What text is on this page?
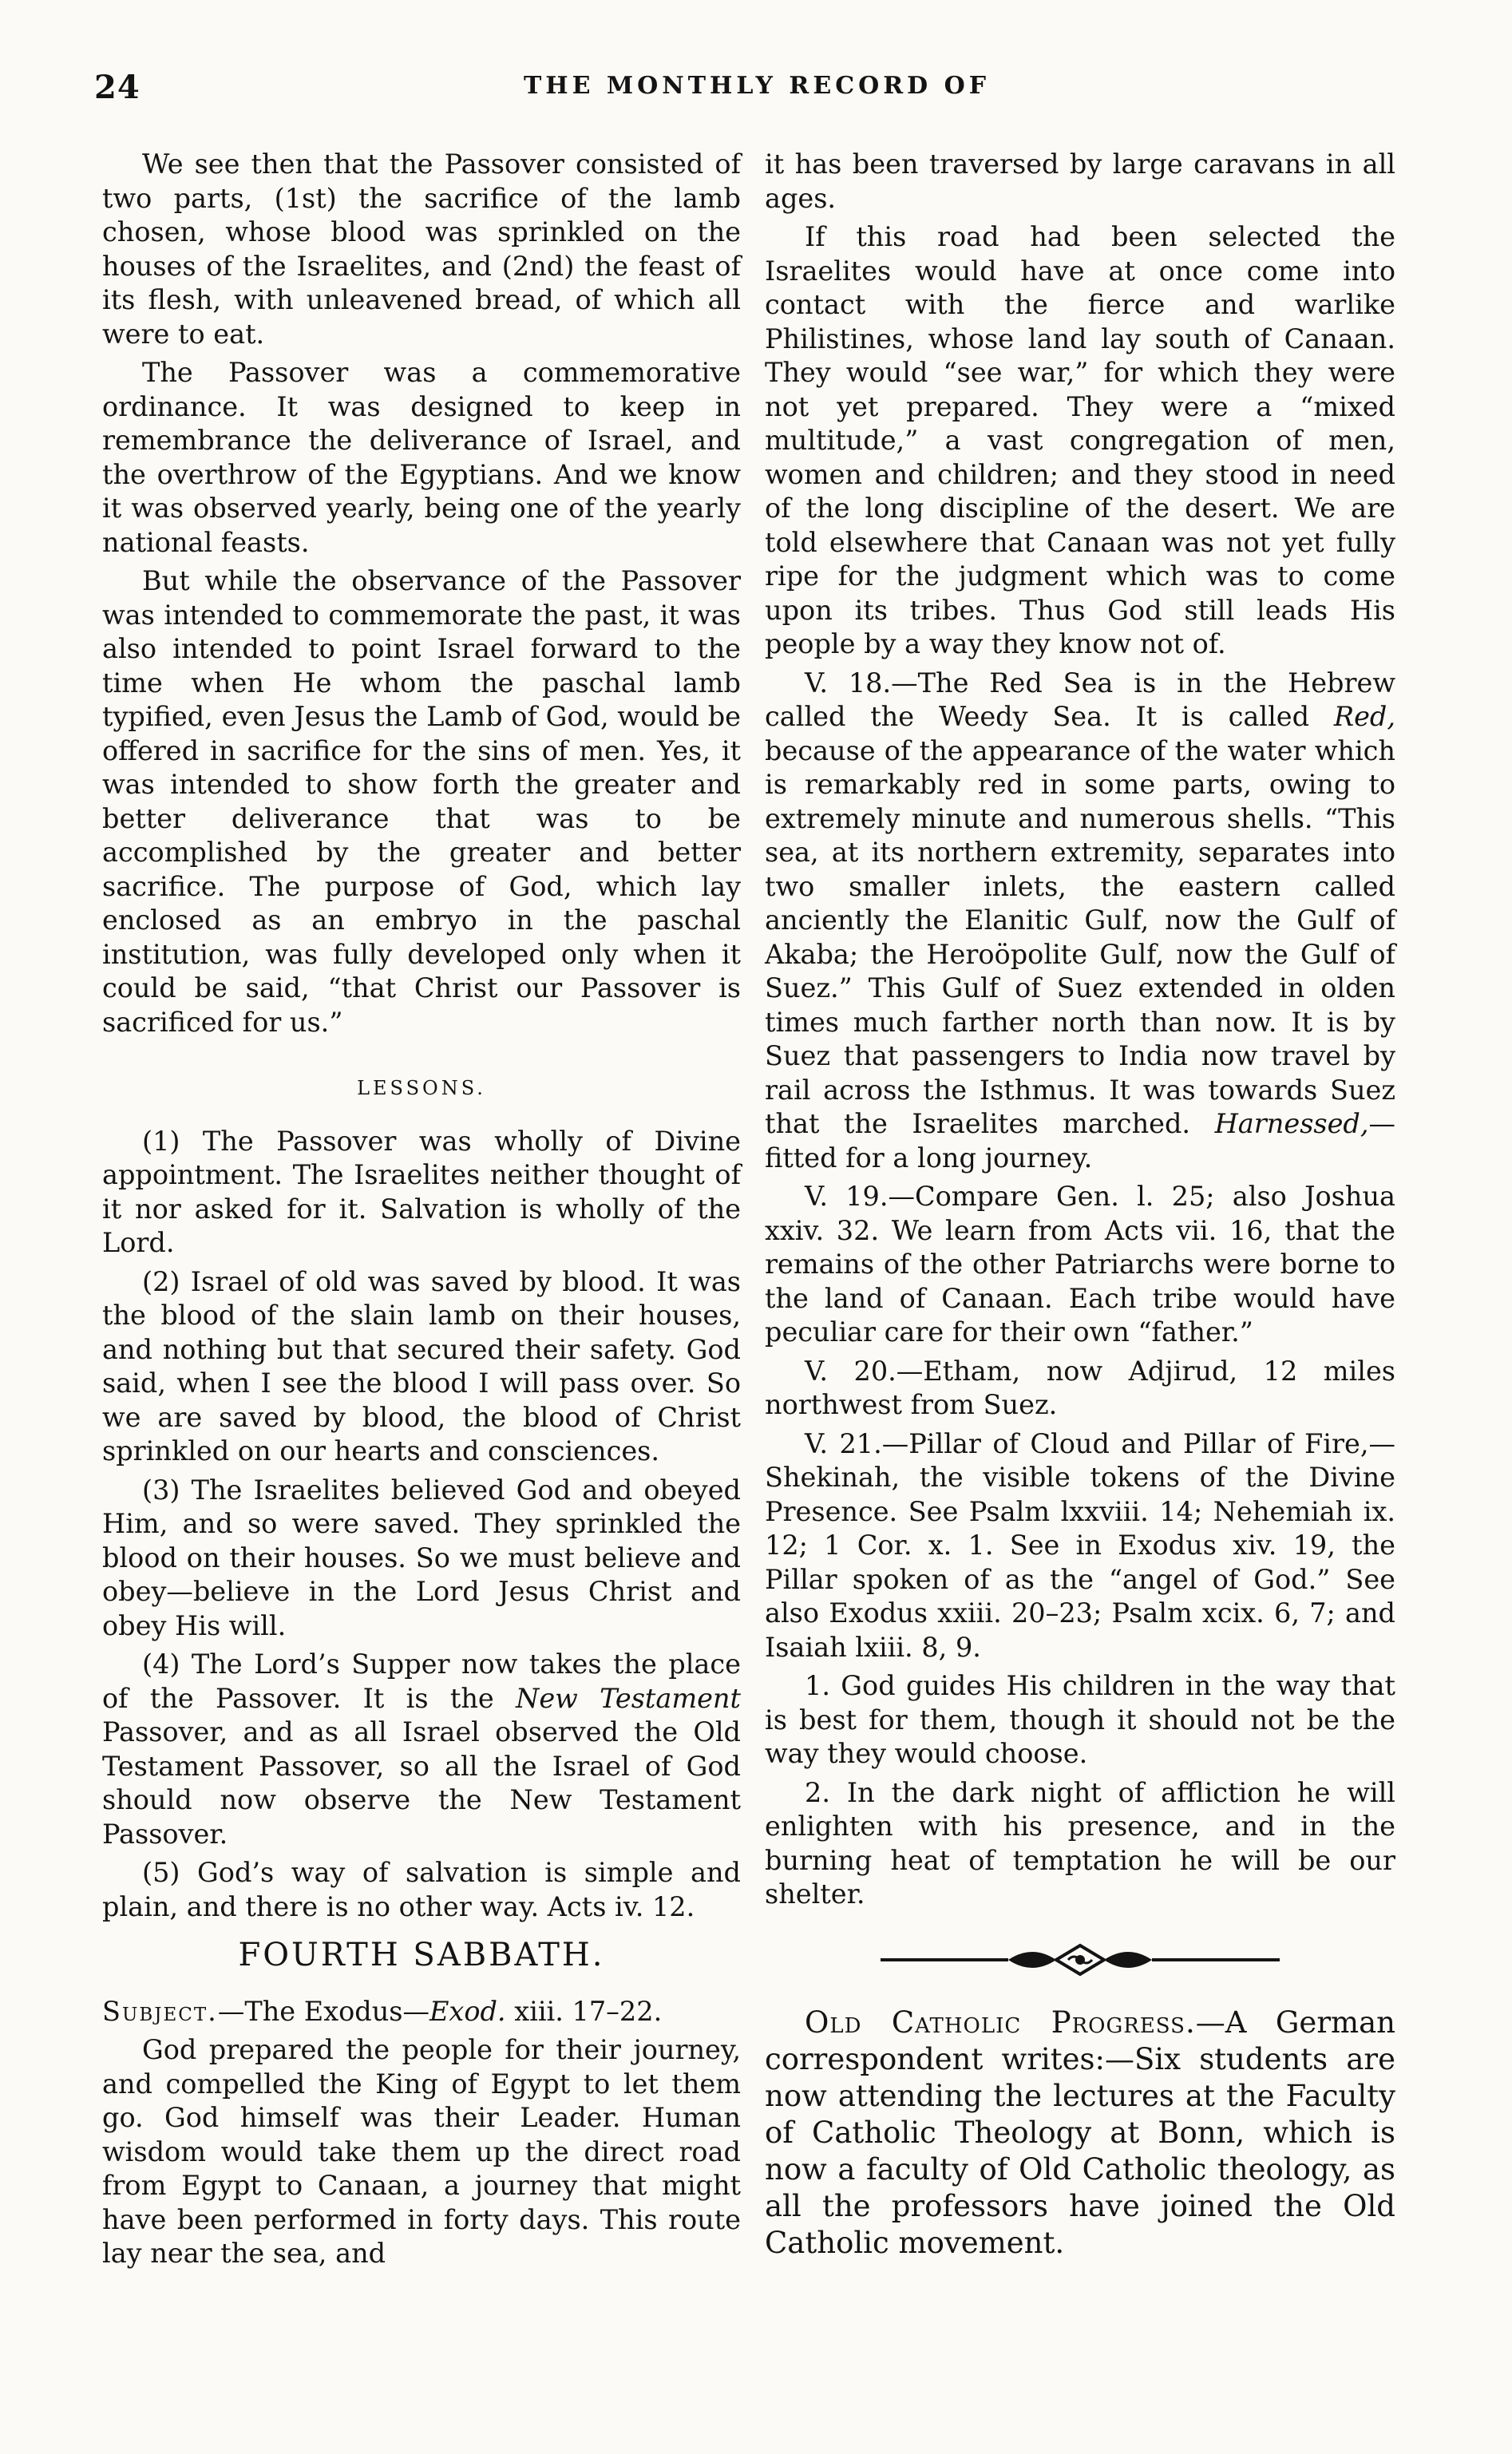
24	THE MONTHLY RECORD OF

We see then that the Passover consisted of two parts, (1st) the sacrifice of the lamb chosen, whose blood was sprinkled on the houses of the Israelites, and (2nd) the feast of its flesh, with unleavened bread, of which all were to eat.

The Passover was a commemorative ordinance. It was designed to keep in remembrance the deliverance of Israel, and the overthrow of the Egyptians. And we know it was observed yearly, being one of the yearly national feasts.

But while the observance of the Passover was intended to commemorate the past, it was also intended to point Israel forward to the time when He whom the paschal lamb typified, even Jesus the Lamb of God, would be offered in sacrifice for the sins of men. Yes, it was intended to show forth the greater and better deliverance that was to be accomplished by the greater and better sacrifice. The purpose of God, which lay enclosed as an embryo in the paschal institution, was fully developed only when it could be said, “that Christ our Passover is sacrificed for us.”

LESSONS.

(1) The Passover was wholly of Divine appointment. The Israelites neither thought of it nor asked for it. Salvation is wholly of the Lord.

(2) Israel of old was saved by blood. It was the blood of the slain lamb on their houses, and nothing but that secured their safety. God said, when I see the blood I will pass over. So we are saved by blood, the blood of Christ sprinkled on our hearts and consciences.

(3) The Israelites believed God and obeyed Him, and so were saved. They sprinkled the blood on their houses. So we must believe and obey—believe in the Lord Jesus Christ and obey His will.

(4) The Lord’s Supper now takes the place of the Passover. It is the New Testament Passover, and as all Israel observed the Old Testament Passover, so all the Israel of God should now observe the New Testament Passover.

(5) God’s way of salvation is simple and plain, and there is no other way. Acts iv. 12.

FOURTH SABBATH.

Subject.—The Exodus—Exod. xiii. 17–22.

God prepared the people for their journey, and compelled the King of Egypt to let them go. God himself was their Leader. Human wisdom would take them up the direct road from Egypt to Canaan, a journey that might have been performed in forty days. This route lay near the sea, and

it has been traversed by large caravans in all ages.

If this road had been selected the Israelites would have at once come into contact with the fierce and warlike Philistines, whose land lay south of Canaan. They would “see war,” for which they were not yet prepared. They were a “mixed multitude,” a vast congregation of men, women and children; and they stood in need of the long discipline of the desert. We are told elsewhere that Canaan was not yet fully ripe for the judgment which was to come upon its tribes. Thus God still leads His people by a way they know not of.

V. 18.—The Red Sea is in the Hebrew called the Weedy Sea. It is called Red, because of the appearance of the water which is remarkably red in some parts, owing to extremely minute and numerous shells. “This sea, at its northern extremity, separates into two smaller inlets, the eastern called anciently the Elanitic Gulf, now the Gulf of Akaba; the Heroöpolite Gulf, now the Gulf of Suez.” This Gulf of Suez extended in olden times much farther north than now. It is by Suez that passengers to India now travel by rail across the Isthmus. It was towards Suez that the Israelites marched. Harnessed,—fitted for a long journey.

V. 19.—Compare Gen. l. 25; also Joshua xxiv. 32. We learn from Acts vii. 16, that the remains of the other Patriarchs were borne to the land of Canaan. Each tribe would have peculiar care for their own “father.”

V. 20.—Etham, now Adjirud, 12 miles northwest from Suez.

V. 21.—Pillar of Cloud and Pillar of Fire,—Shekinah, the visible tokens of the Divine Presence. See Psalm lxxviii. 14; Nehemiah ix. 12; 1 Cor. x. 1. See in Exodus xiv. 19, the Pillar spoken of as the “angel of God.” See also Exodus xxiii. 20–23; Psalm xcix. 6, 7; and Isaiah lxiii. 8, 9.

1. God guides His children in the way that is best for them, though it should not be the way they would choose.

2. In the dark night of affliction he will enlighten with his presence, and in the burning heat of temptation he will be our shelter.

Old Catholic Progress.—A German correspondent writes:—Six students are now attending the lectures at the Faculty of Catholic Theology at Bonn, which is now a faculty of Old Catholic theology, as all the professors have joined the Old Catholic movement.
